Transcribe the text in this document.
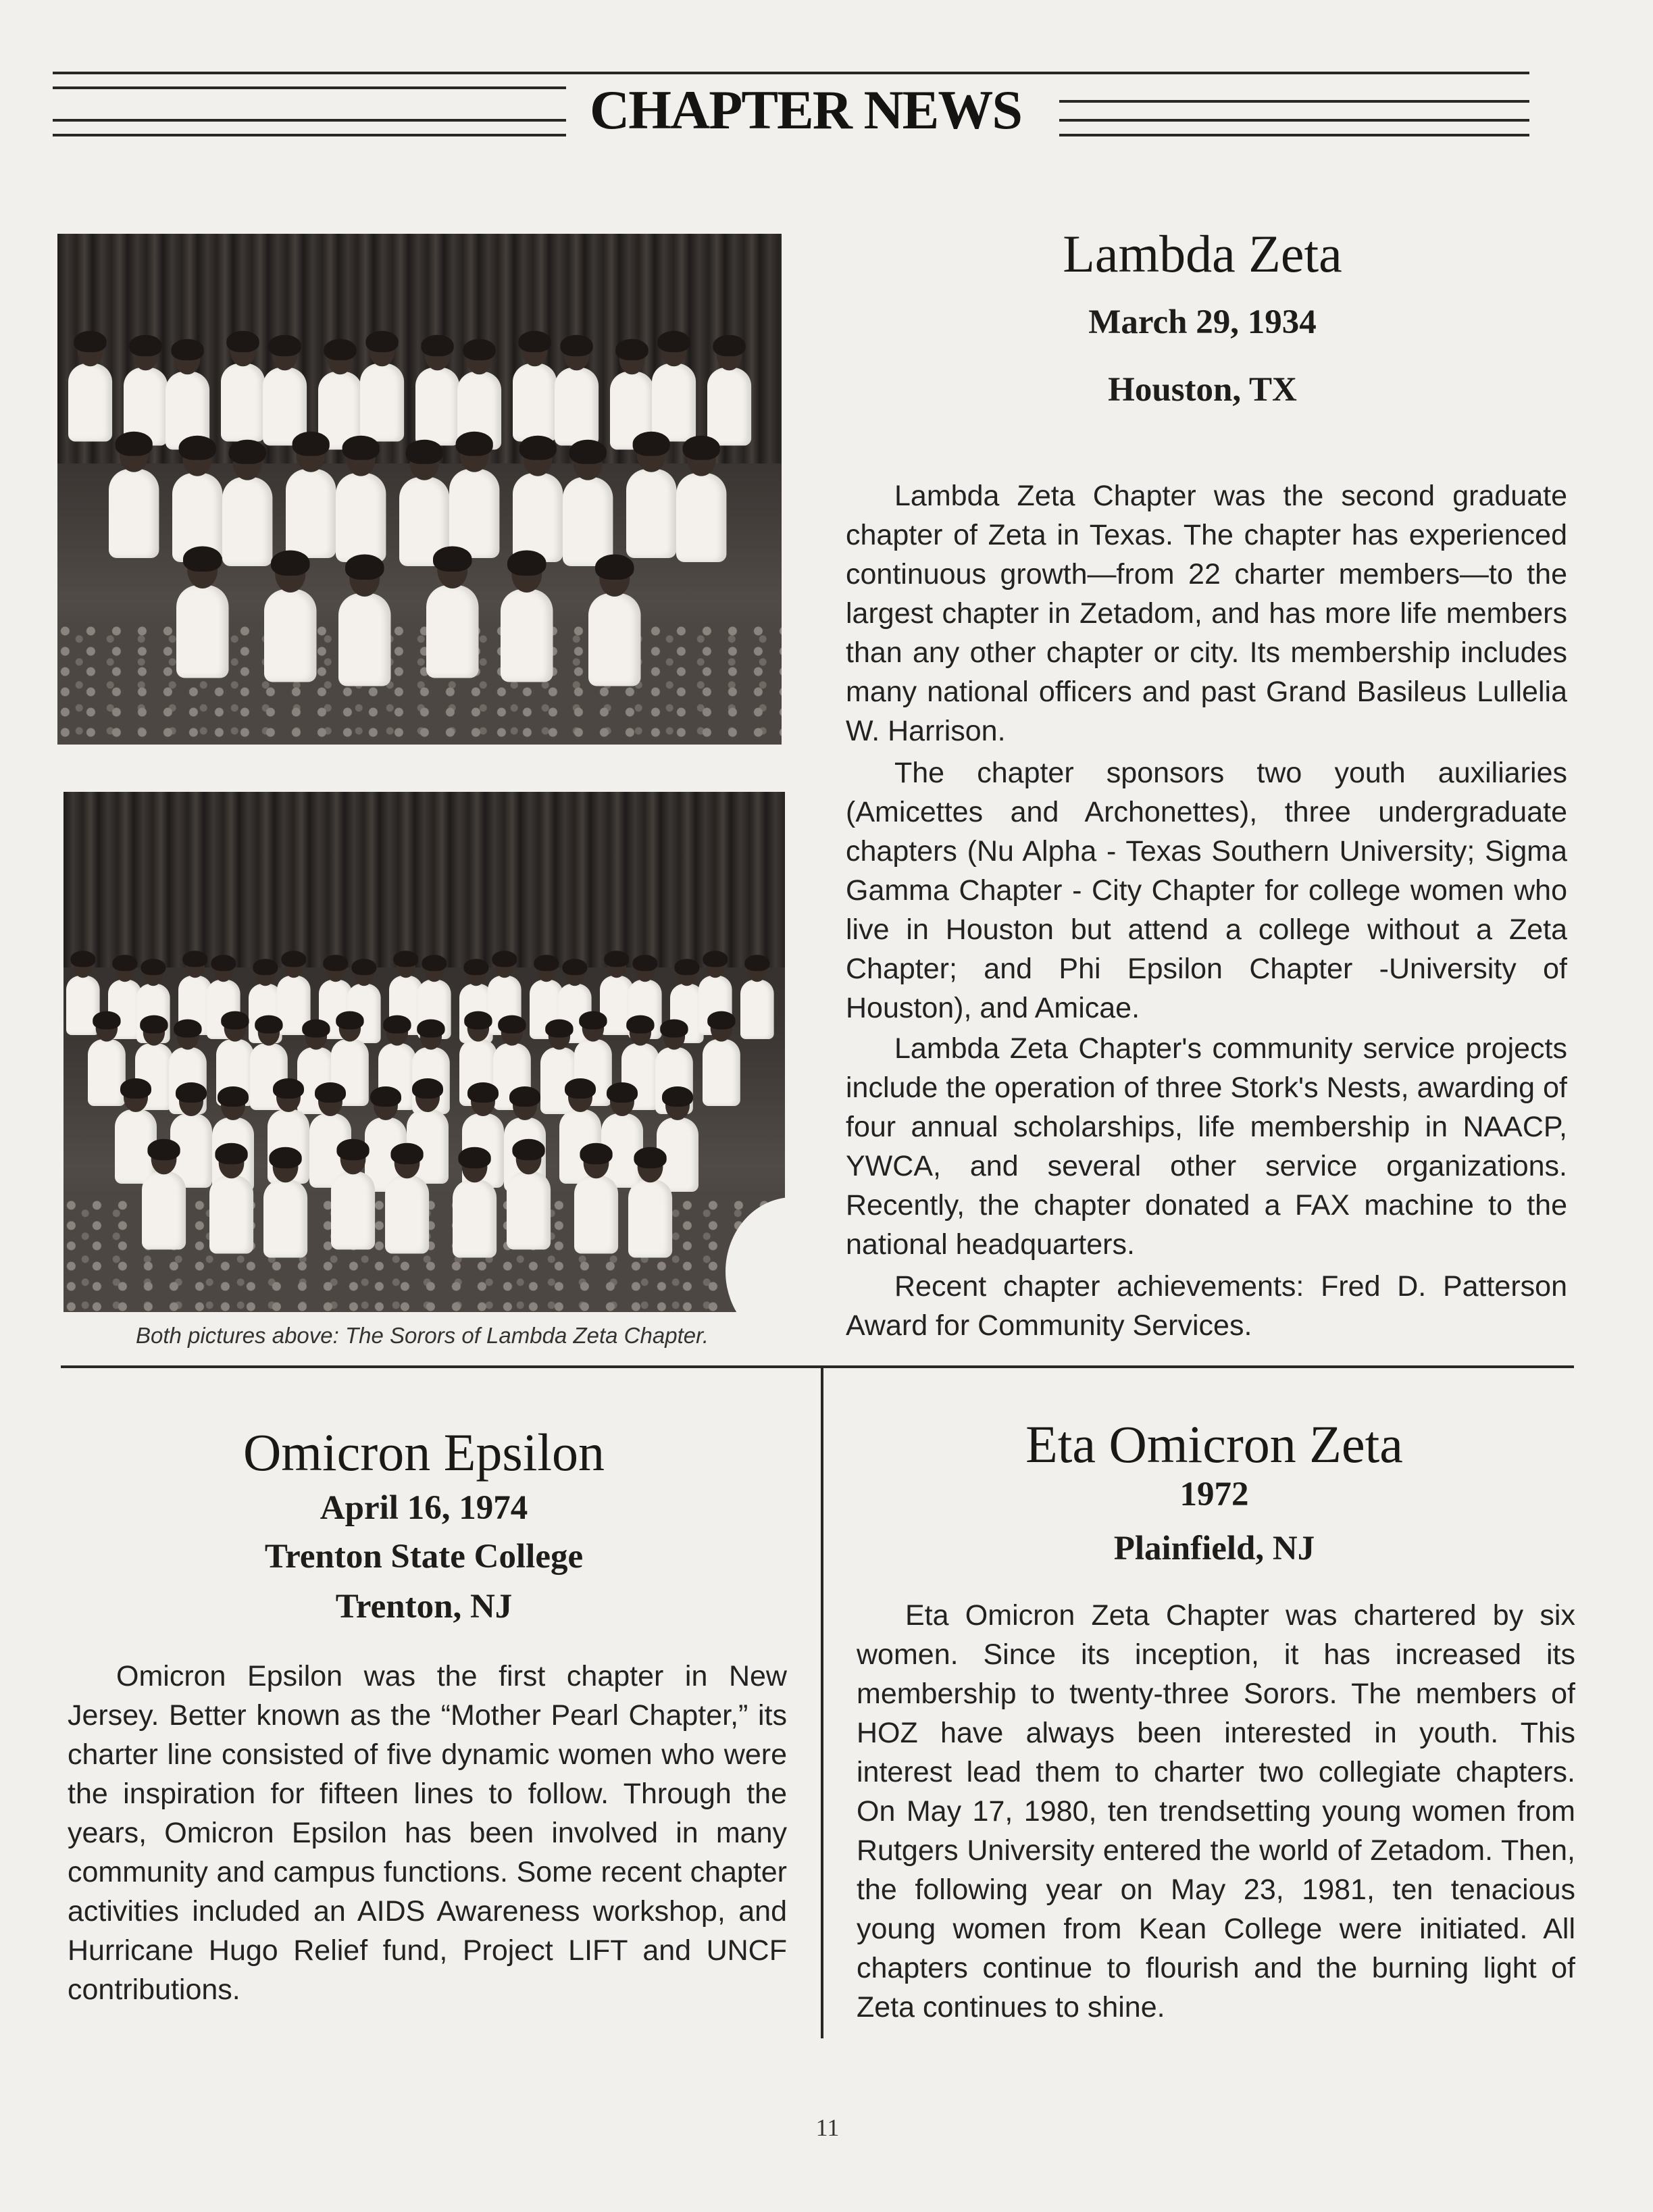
CHAPTER NEWS
Both pictures above: The Sorors of Lambda Zeta Chapter.
Lambda Zeta
March 29, 1934
Houston, TX

Lambda Zeta Chapter was the second graduate chapter of Zeta in Texas. The chapter has experienced continuous growth—from 22 charter members—to the largest chapter in Zetadom, and has more life members than any other chapter or city. Its membership includes many national officers and past Grand Basileus Lullelia W. Harrison.

The chapter sponsors two youth auxiliaries (Amicettes and Archonettes), three undergraduate chapters (Nu Alpha - Texas Southern University; Sigma Gamma Chapter - City Chapter for college women who live in Houston but attend a college without a Zeta Chapter; and Phi Epsilon Chapter -University of Houston), and Amicae.

Lambda Zeta Chapter's community service projects include the operation of three Stork's Nests, awarding of four annual scholarships, life membership in NAACP, YWCA, and several other service organizations. Recently, the chapter donated a FAX machine to the national headquarters.

Recent chapter achievements: Fred D. Patterson Award for Community Services.

Omicron Epsilon
April 16, 1974
Trenton State College
Trenton, NJ

Omicron Epsilon was the first chapter in New Jersey. Better known as the “Mother Pearl Chapter,” its charter line consisted of five dynamic women who were the inspiration for fifteen lines to follow. Through the years, Omicron Epsilon has been involved in many community and campus functions. Some recent chapter activities included an AIDS Awareness workshop, and Hurricane Hugo Relief fund, Project LIFT and UNCF contributions.

Eta Omicron Zeta
1972
Plainfield, NJ

Eta Omicron Zeta Chapter was chartered by six women. Since its inception, it has increased its membership to twenty-three Sorors. The members of HOZ have always been interested in youth. This interest lead them to charter two collegiate chapters. On May 17, 1980, ten trendsetting young women from Rutgers University entered the world of Zetadom. Then, the following year on May 23, 1981, ten tenacious young women from Kean College were initiated. All chapters continue to flourish and the burning light of Zeta continues to shine.

11
